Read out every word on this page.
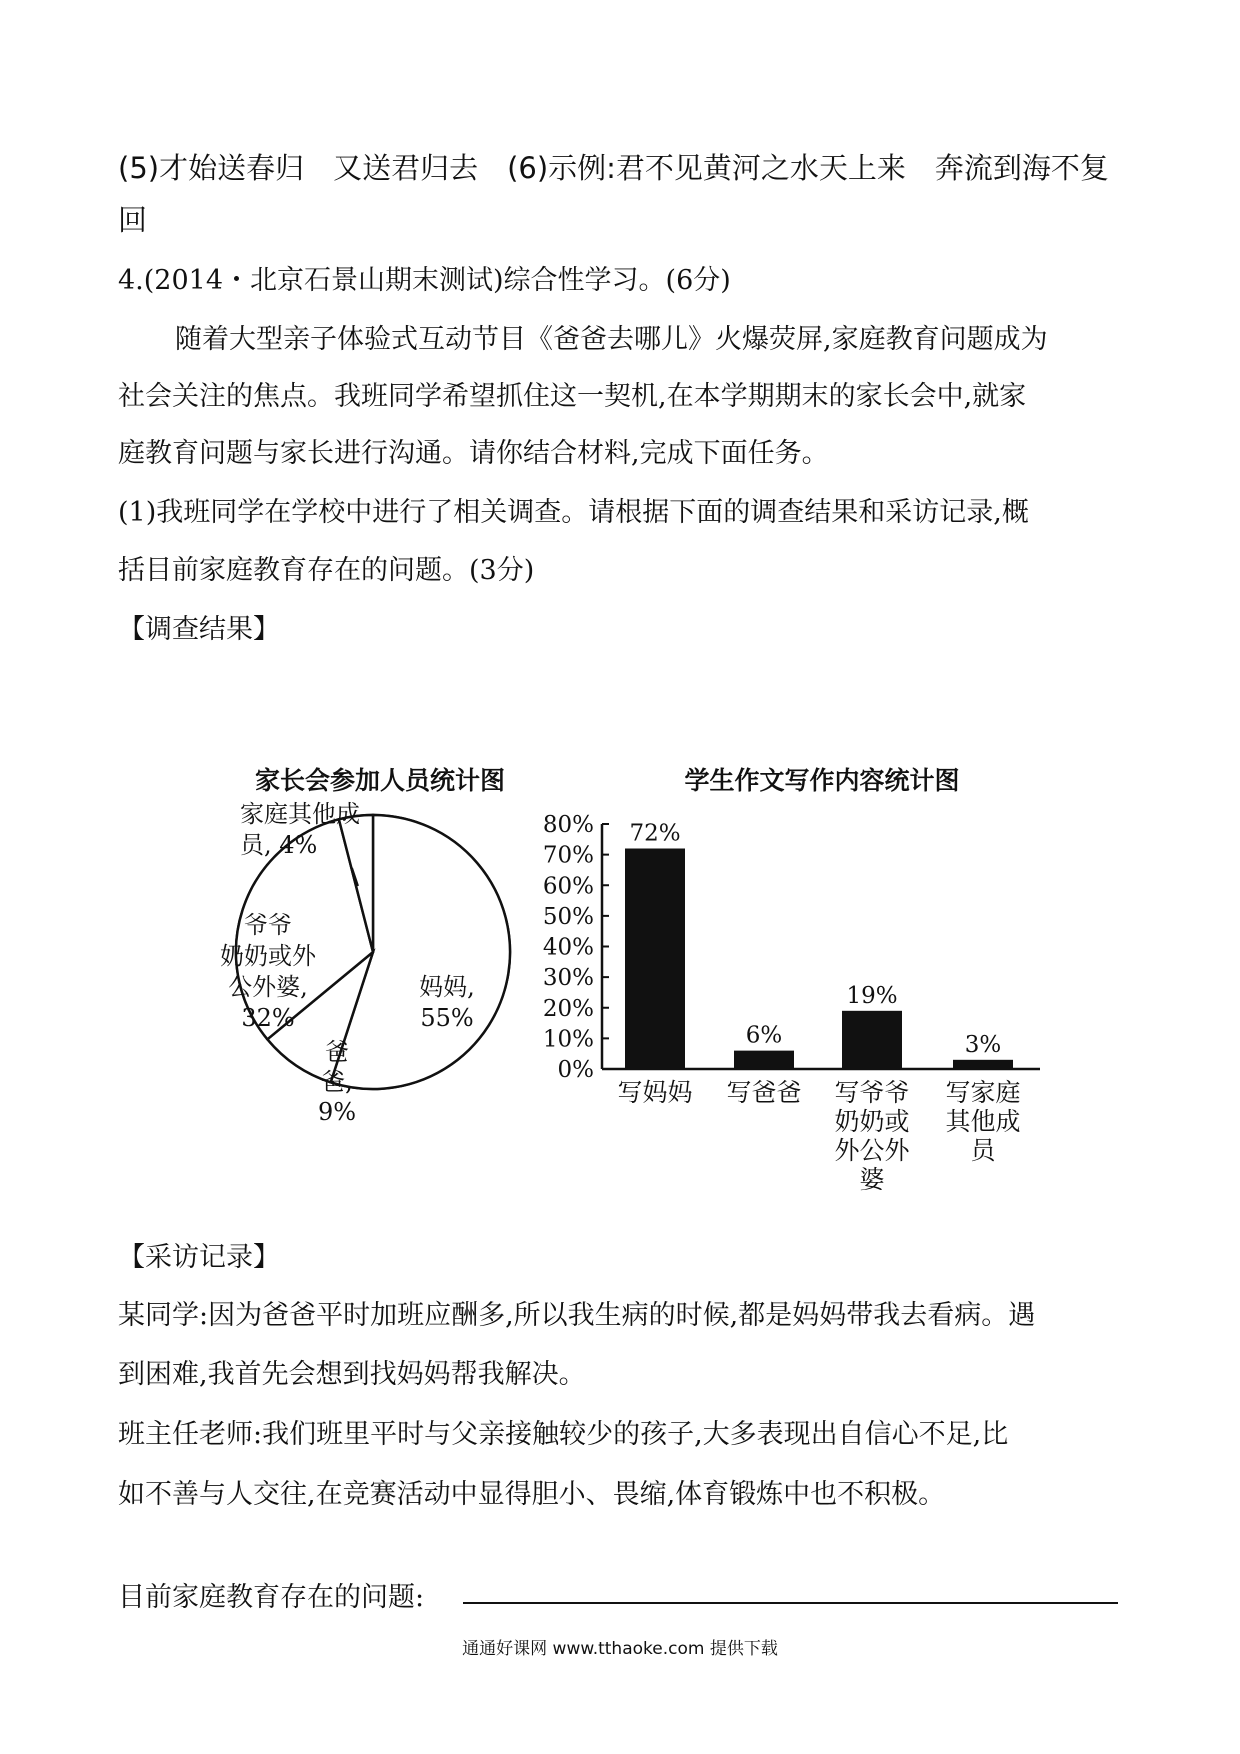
(5)才始送春归　又送君归去　(6)示例:君不见黄河之水天上来　奔流到海不复
回
4.(2014・北京石景山期末测试)综合性学习。(6分)
随着大型亲子体验式互动节目《爸爸去哪儿》火爆荧屏,家庭教育问题成为
社会关注的焦点。我班同学希望抓住这一契机,在本学期期末的家长会中,就家
庭教育问题与家长进行沟通。请你结合材料,完成下面任务。
(1)我班同学在学校中进行了相关调查。请根据下面的调查结果和采访记录,概
括目前家庭教育存在的问题。(3分)
【调查结果】
家长会参加人员统计图
妈妈,
55%
爸
爸,
9%
爷爷
奶奶或外
公外婆,
32%
家庭其他成
员, 4%
学生作文写作内容统计图
0%
10%
20%
30%
40%
50%
60%
70%
80% 72%
写妈妈
6%
写爸爸
19%
写爷爷
奶奶或
外公外
婆
3%
写家庭
其他成
员
【采访记录】
某同学:因为爸爸平时加班应酬多,所以我生病的时候,都是妈妈带我去看病。遇
到困难,我首先会想到找妈妈帮我解决。
班主任老师:我们班里平时与父亲接触较少的孩子,大多表现出自信心不足,比
如不善与人交往,在竞赛活动中显得胆小、畏缩,体育锻炼中也不积极。
目前家庭教育存在的问题:
通通好课网 www.tthaoke.com 提供下载
